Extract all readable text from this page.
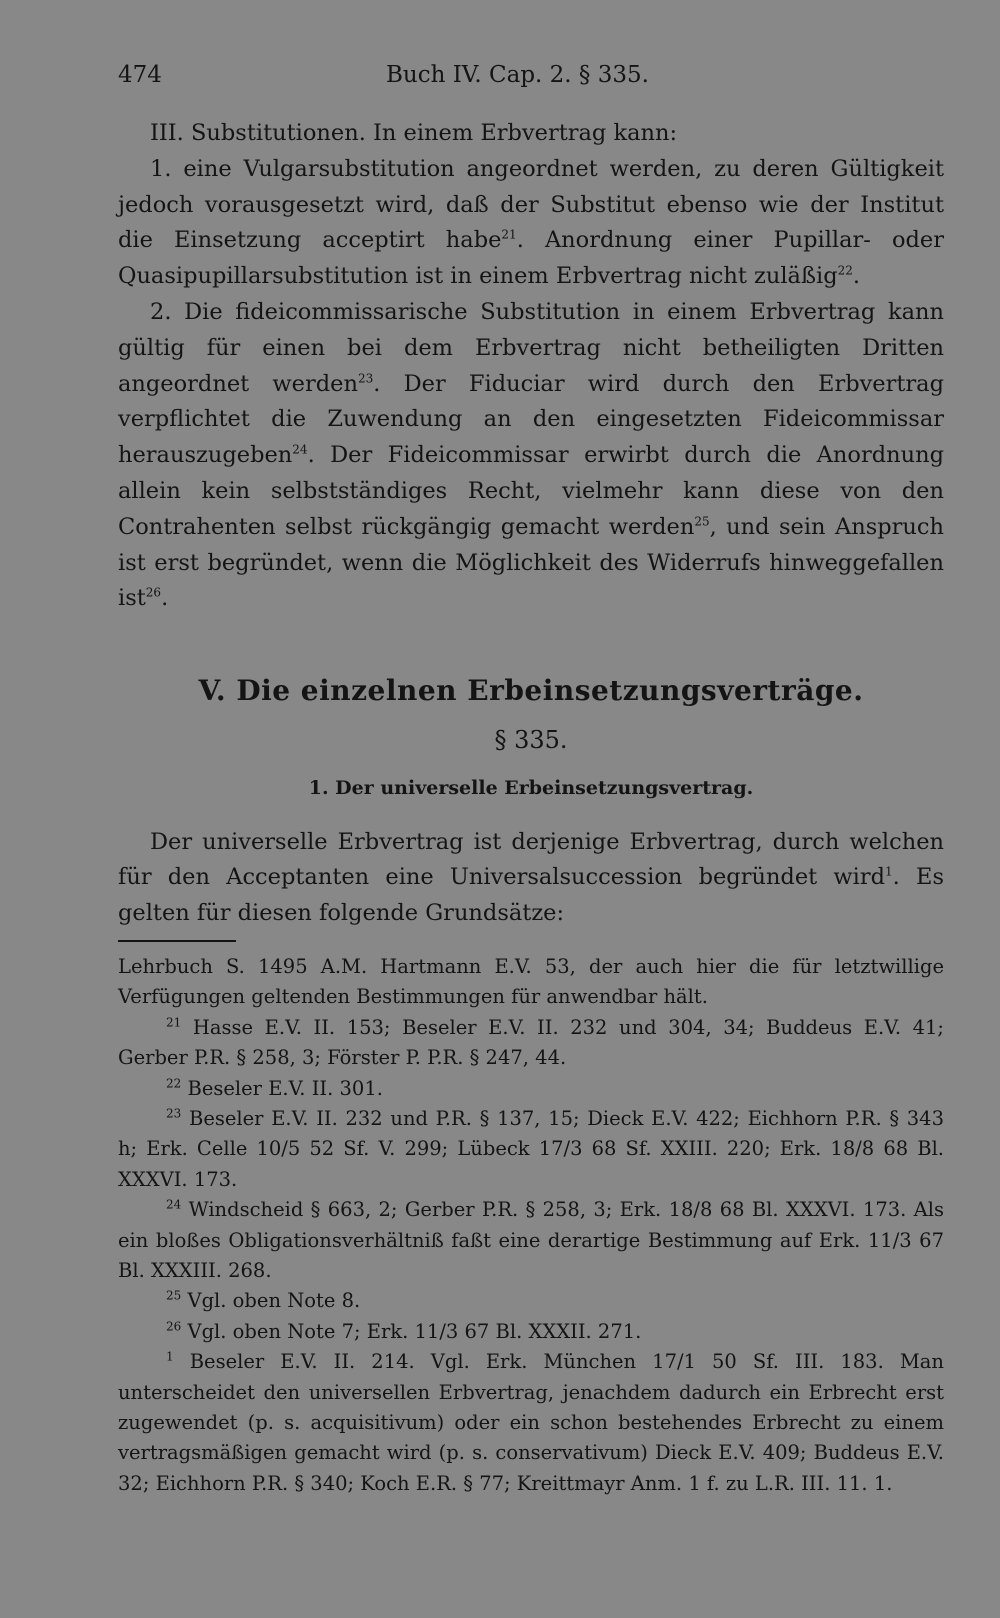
474	Buch IV. Cap. 2. § 335.

III. Substitutionen. In einem Erbvertrag kann:

1. eine Vulgarsubstitution angeordnet werden, zu deren Gültigkeit jedoch vorausgesetzt wird, daß der Substitut ebenso wie der Institut die Einsetzung acceptirt habe$^{21}$. Anordnung einer Pupillar- oder Quasipupillarsubstitution ist in einem Erbvertrag nicht zuläßig$^{22}$.

2. Die fideicommissarische Substitution in einem Erbvertrag kann gültig für einen bei dem Erbvertrag nicht betheiligten Dritten angeordnet werden$^{23}$. Der Fiduciar wird durch den Erbvertrag verpflichtet die Zuwendung an den eingesetzten Fideicommissar herauszugeben$^{24}$. Der Fideicommissar erwirbt durch die Anordnung allein kein selbstständiges Recht, vielmehr kann diese von den Contrahenten selbst rückgängig gemacht werden$^{25}$, und sein Anspruch ist erst begründet, wenn die Möglichkeit des Widerrufs hinweggefallen ist$^{26}$.

V. Die einzelnen Erbeinsetzungsverträge.
§ 335.
1. Der universelle Erbeinsetzungsvertrag.

Der universelle Erbvertrag ist derjenige Erbvertrag, durch welchen für den Acceptanten eine Universalsuccession begründet wird$^1$. Es gelten für diesen folgende Grundsätze:

Lehrbuch S. 1495 A.M. Hartmann E.V. 53, der auch hier die für letztwillige Verfügungen geltenden Bestimmungen für anwendbar hält.

$^{21}$ Hasse E.V. II. 153; Beseler E.V. II. 232 und 304, 34; Buddeus E.V. 41; Gerber P.R. § 258, 3; Förster P. P.R. § 247, 44.

$^{22}$ Beseler E.V. II. 301.

$^{23}$ Beseler E.V. II. 232 und P.R. § 137, 15; Dieck E.V. 422; Eichhorn P.R. § 343 h; Erk. Celle 10/5 52 Sf. V. 299; Lübeck 17/3 68 Sf. XXIII. 220; Erk. 18/8 68 Bl. XXXVI. 173.

$^{24}$ Windscheid § 663, 2; Gerber P.R. § 258, 3; Erk. 18/8 68 Bl. XXXVI. 173. Als ein bloßes Obligationsverhältniß faßt eine derartige Bestimmung auf Erk. 11/3 67 Bl. XXXIII. 268.

$^{25}$ Vgl. oben Note 8.

$^{26}$ Vgl. oben Note 7; Erk. 11/3 67 Bl. XXXII. 271.

$^1$ Beseler E.V. II. 214. Vgl. Erk. München 17/1 50 Sf. III. 183. Man unterscheidet den universellen Erbvertrag, jenachdem dadurch ein Erbrecht erst zugewendet (p. s. acquisitivum) oder ein schon bestehendes Erbrecht zu einem vertragsmäßigen gemacht wird (p. s. conservativum) Dieck E.V. 409; Buddeus E.V. 32; Eichhorn P.R. § 340; Koch E.R. § 77; Kreittmayr Anm. 1 f. zu L.R. III. 11. 1.
